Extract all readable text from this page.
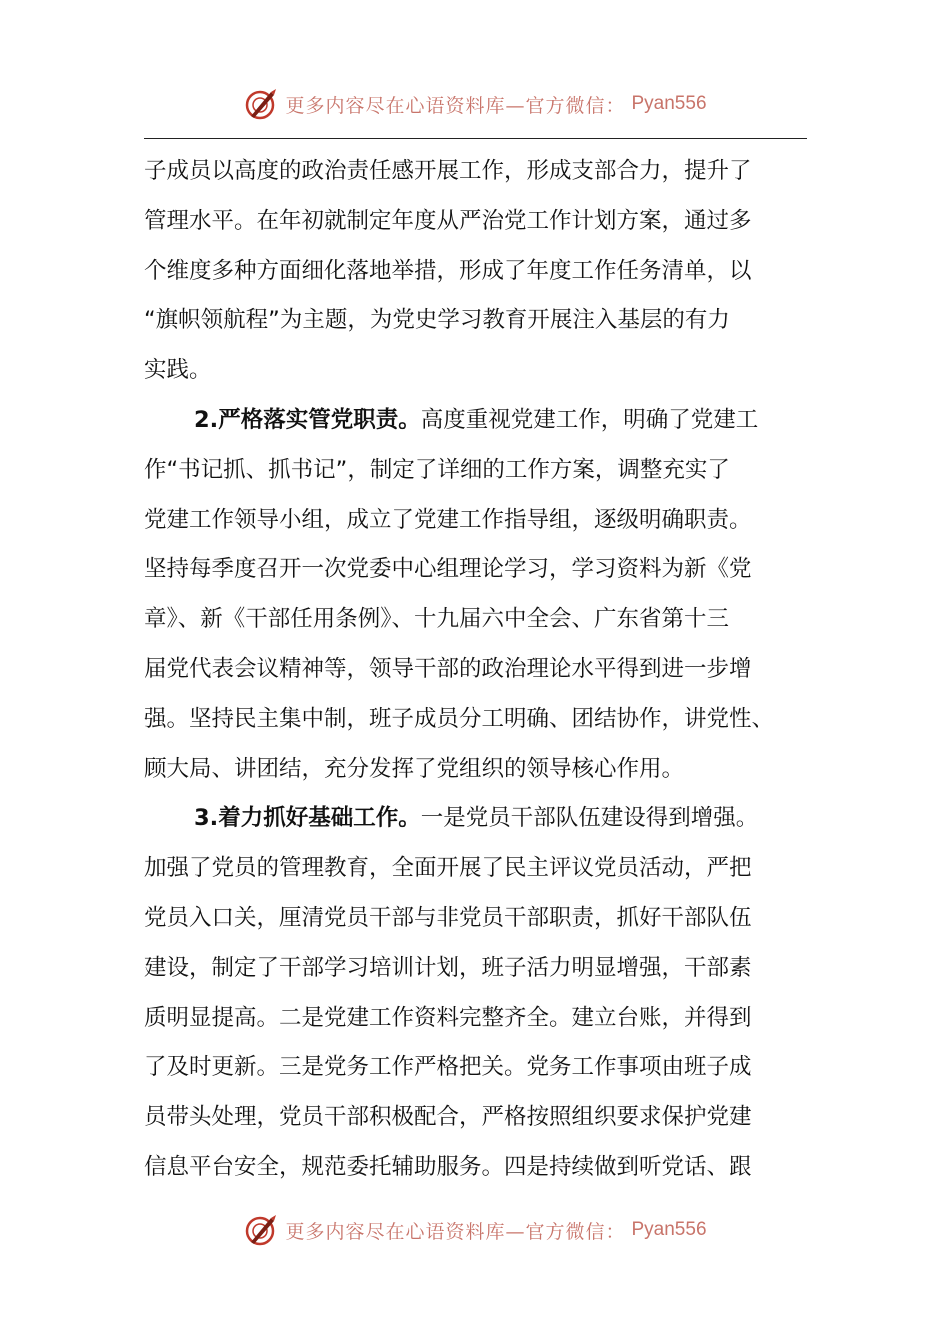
更多内容尽在心语资料库—官方微信： Pyan556
子成员以高度的政治责任感开展工作，形成支部合力，提升了
管理水平。在年初就制定年度从严治党工作计划方案，通过多
个维度多种方面细化落地举措，形成了年度工作任务清单，以
“旗帜领航程”为主题，为党史学习教育开展注入基层的有力
实践。
2.严格落实管党职责。高度重视党建工作，明确了党建工
作“书记抓、抓书记”，制定了详细的工作方案，调整充实了
党建工作领导小组，成立了党建工作指导组，逐级明确职责。
坚持每季度召开一次党委中心组理论学习，学习资料为新《党
章》、新《干部任用条例》、十九届六中全会、广东省第十三
届党代表会议精神等，领导干部的政治理论水平得到进一步增
强。坚持民主集中制，班子成员分工明确、团结协作，讲党性、
顾大局、讲团结，充分发挥了党组织的领导核心作用。
3.着力抓好基础工作。一是党员干部队伍建设得到增强。
加强了党员的管理教育，全面开展了民主评议党员活动，严把
党员入口关，厘清党员干部与非党员干部职责，抓好干部队伍
建设，制定了干部学习培训计划，班子活力明显增强，干部素
质明显提高。二是党建工作资料完整齐全。建立台账，并得到
了及时更新。三是党务工作严格把关。党务工作事项由班子成
员带头处理，党员干部积极配合，严格按照组织要求保护党建
信息平台安全，规范委托辅助服务。四是持续做到听党话、跟
更多内容尽在心语资料库—官方微信： Pyan556
